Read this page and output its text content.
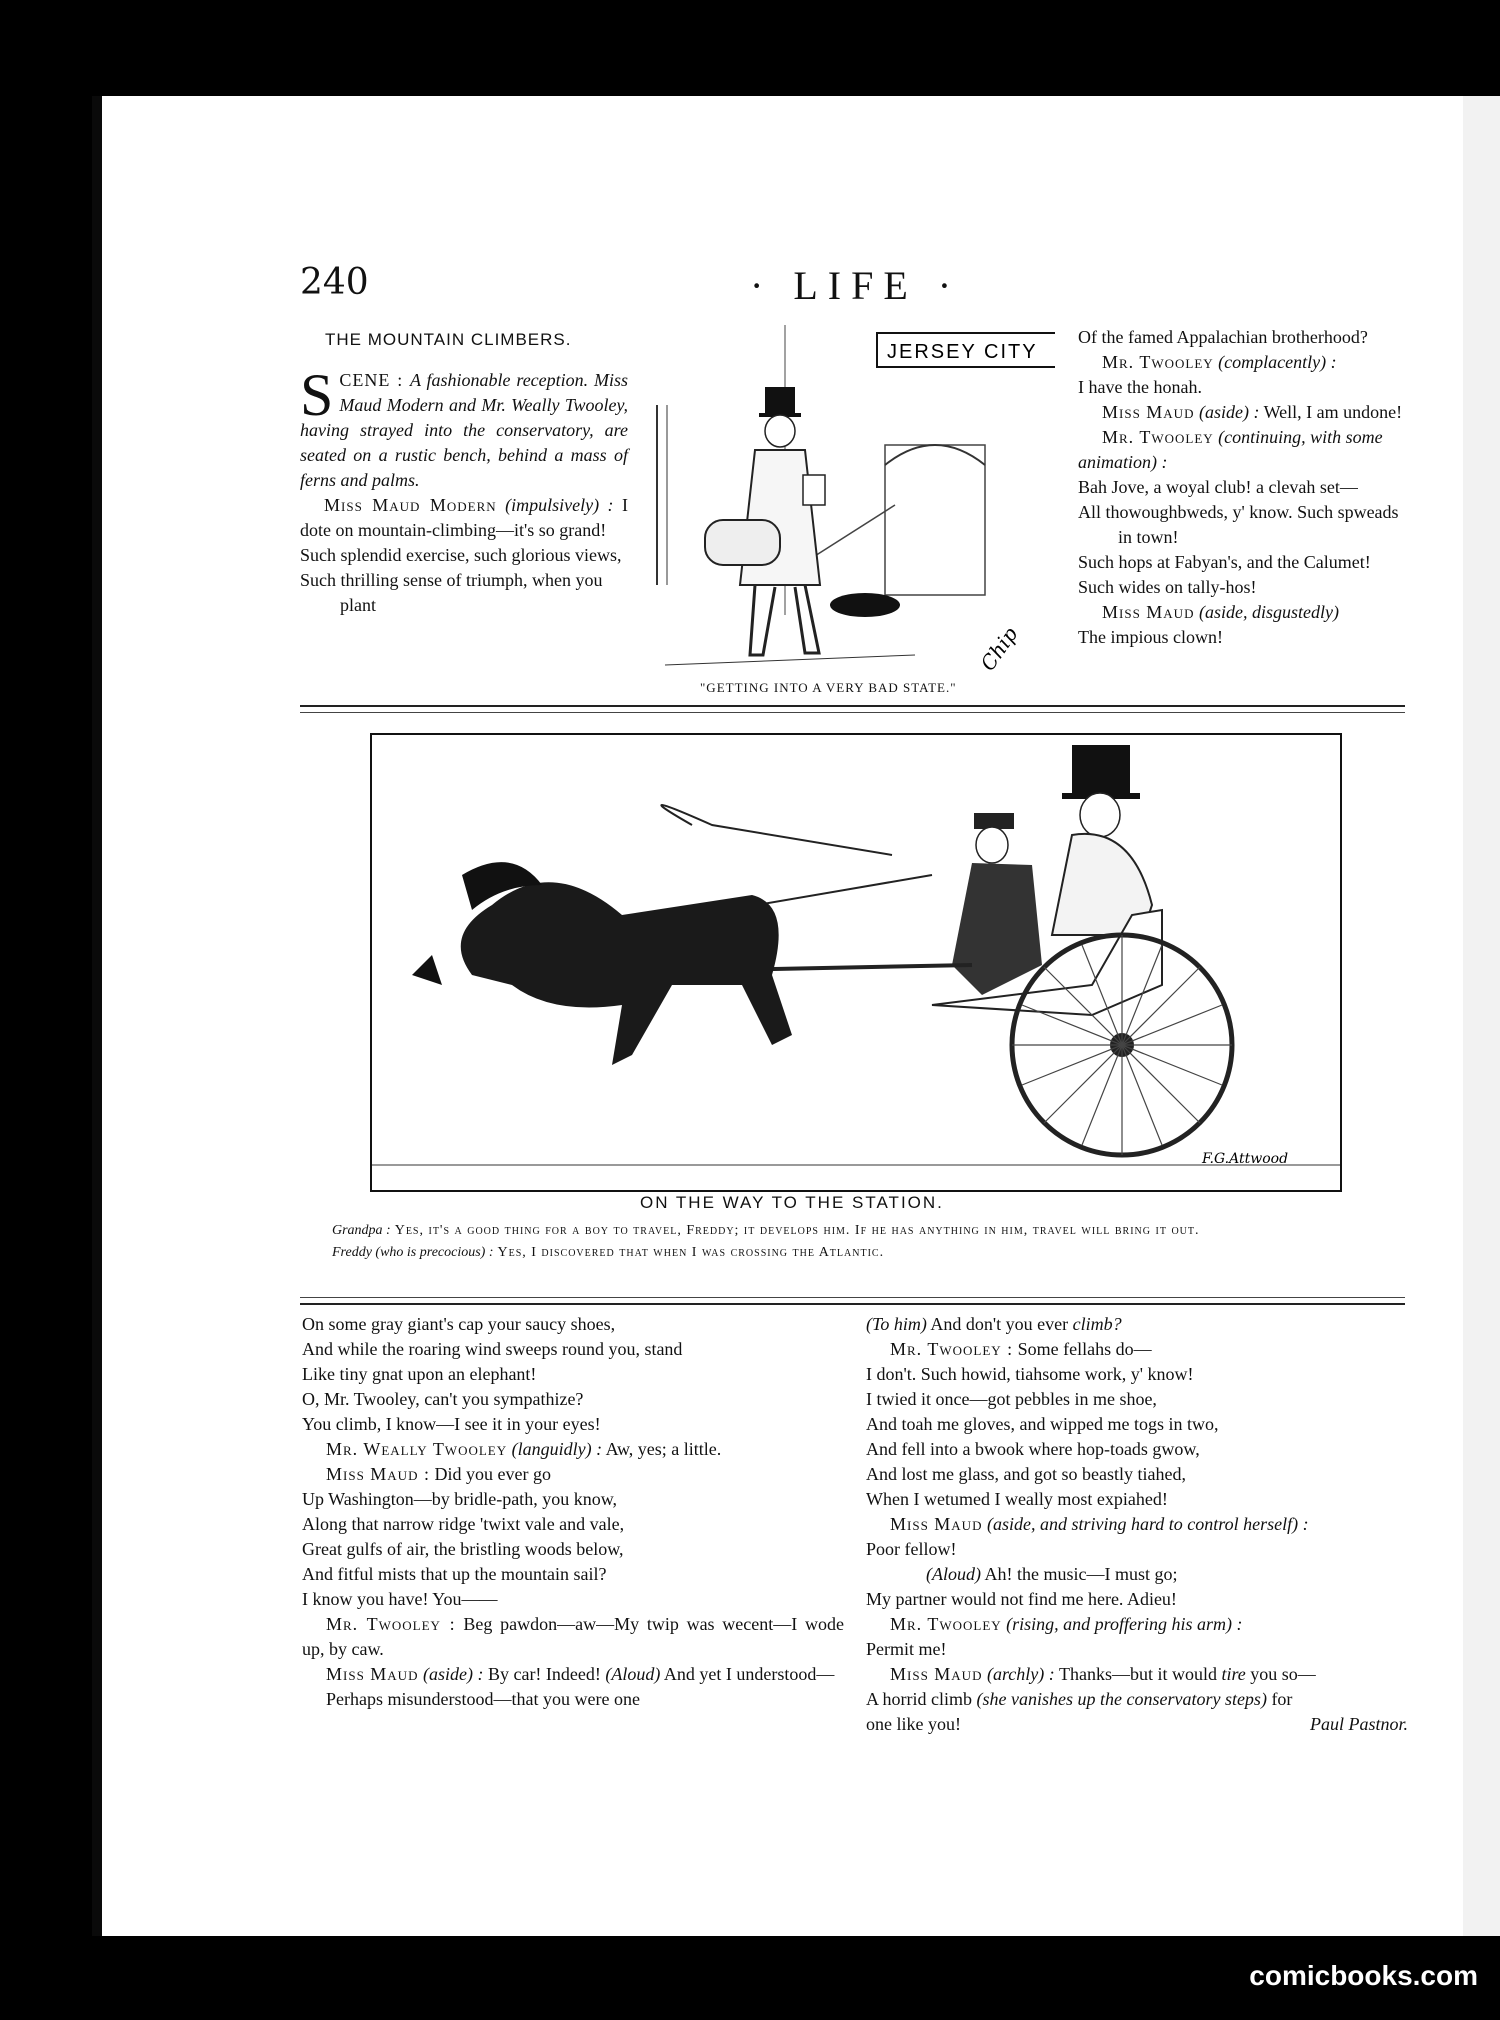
240	· LIFE ·
THE MOUNTAIN CLIMBERS.

SCENE : A fashionable reception. Miss Maud Modern and Mr. Weally Twooley, having strayed into the conservatory, are seated on a rustic bench, behind a mass of ferns and palms.

Miss Maud Modern (impulsively) : I dote on mountain-climbing—it's so grand!

Such splendid exercise, such glorious views,

Such thrilling sense of triumph, when you plant

JERSEY CITY
Chip
"GETTING INTO A VERY BAD STATE."

Of the famed Appalachian brotherhood?

Mr. Twooley (complacently) :

I have the honah.

Miss Maud (aside) : Well, I am undone!

Mr. Twooley (continuing, with some animation) :

Bah Jove, a woyal club! a clevah set—

All thowoughbweds, y' know. Such spweads in town!

Such hops at Fabyan's, and the Calumet!

Such wides on tally-hos!

Miss Maud (aside, disgustedly)

The impious clown!

F.G.Attwood
ON THE WAY TO THE STATION.
Grandpa : Yes, it's a good thing for a boy to travel, Freddy; it develops him. If he has anything in him, travel will bring it out.
Freddy (who is precocious) : Yes, I discovered that when I was crossing the Atlantic.

On some gray giant's cap your saucy shoes,

And while the roaring wind sweeps round you, stand

Like tiny gnat upon an elephant!

O, Mr. Twooley, can't you sympathize?

You climb, I know—I see it in your eyes!

Mr. Weally Twooley (languidly) : Aw, yes; a little.

Miss Maud : Did you ever go

Up Washington—by bridle-path, you know,

Along that narrow ridge 'twixt vale and vale,

Great gulfs of air, the bristling woods below,

And fitful mists that up the mountain sail?

I know you have! You——

Mr. Twooley : Beg pawdon—aw—My twip was wecent—I wode up, by caw.

Miss Maud (aside) : By car! Indeed! (Aloud) And yet I understood—

Perhaps misunderstood—that you were one

(To him) And don't you ever climb?

Mr. Twooley : Some fellahs do—

I don't. Such howid, tiahsome work, y' know!

I twied it once—got pebbles in me shoe,

And toah me gloves, and wipped me togs in two,

And fell into a bwook where hop-toads gwow,

And lost me glass, and got so beastly tiahed,

When I wetumed I weally most expiahed!

Miss Maud (aside, and striving hard to control herself) :

Poor fellow!

(Aloud) Ah! the music—I must go;

My partner would not find me here. Adieu!

Mr. Twooley (rising, and proffering his arm) :

Permit me!

Miss Maud (archly) : Thanks—but it would tire you so—

A horrid climb (she vanishes up the conservatory steps) for

one like you!	Paul Pastnor.

comicbooks.com
